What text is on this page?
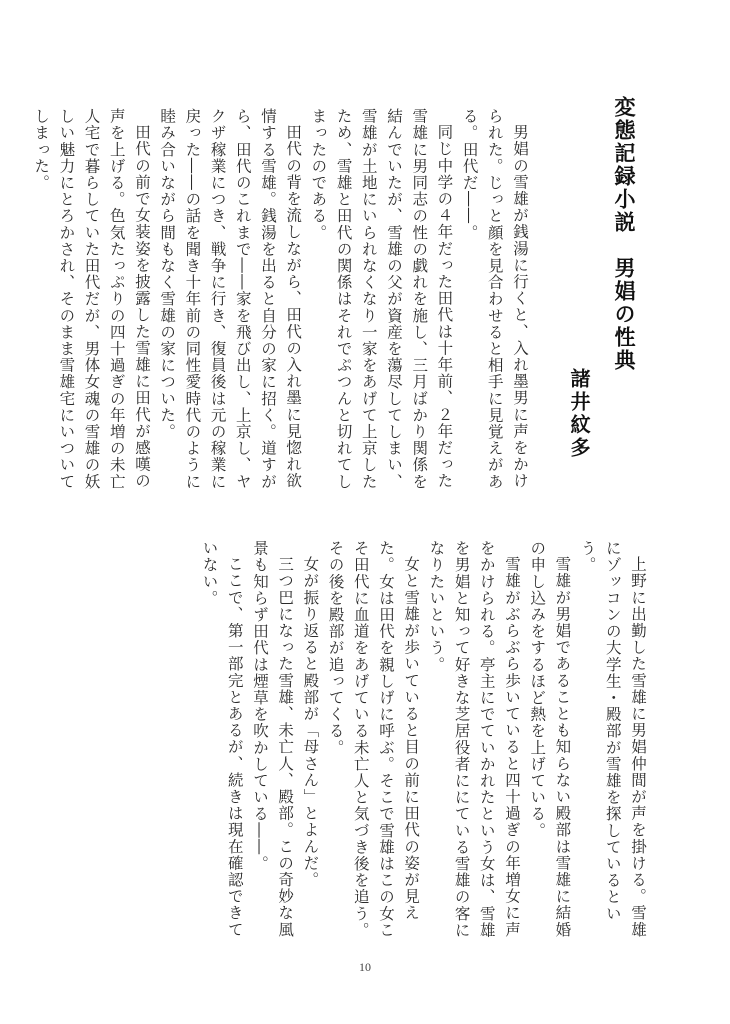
変態記録小説　男娼の性典
諸井紋多

男娼の雪雄が銭湯に行くと、入れ墨男に声をかけられた。じっと顔を見合わせると相手に見覚えがある。田代だ――。

同じ中学の４年だった田代は十年前、２年だった雪雄に男同志の性の戯れを施し、三月ばかり関係を結んでいたが、雪雄の父が資産を蕩尽してしまい、雪雄が土地にいられなくなり一家をあげて上京したため、雪雄と田代の関係はそれでぷつんと切れてしまったのである。

田代の背を流しながら、田代の入れ墨に見惚れ欲情する雪雄。銭湯を出ると自分の家に招く。道すがら、田代のこれまで――家を飛び出し、上京し、ヤクザ稼業につき、戦争に行き、復員後は元の稼業に戻った――の話を聞き十年前の同性愛時代のように睦み合いながら間もなく雪雄の家についた。

田代の前で女装姿を披露した雪雄に田代が感嘆の声を上げる。色気たっぷりの四十過ぎの年増の未亡人宅で暮らしていた田代だが、男体女魂の雪雄の妖しい魅力にとろかされ、そのまま雪雄宅にいついてしまった。

上野に出勤した雪雄に男娼仲間が声を掛ける。雪雄にゾッコンの大学生・殿部が雪雄を探しているという。

雪雄が男娼であることも知らない殿部は雪雄に結婚の申し込みをするほど熱を上げている。

雪雄がぶらぶら歩いていると四十過ぎの年増女に声をかけられる。亭主にでていかれたという女は、雪雄を男娼と知って好きな芝居役者ににている雪雄の客になりたいという。

女と雪雄が歩いていると目の前に田代の姿が見えた。女は田代を親しげに呼ぶ。そこで雪雄はこの女こそ田代に血道をあげている未亡人と気づき後を追う。その後を殿部が追ってくる。

女が振り返ると殿部が「母さん」とよんだ。

三つ巴になった雪雄、未亡人、殿部。この奇妙な風景も知らず田代は煙草を吹かしている――。

ここで、第一部完とあるが、続きは現在確認できていない。

10
